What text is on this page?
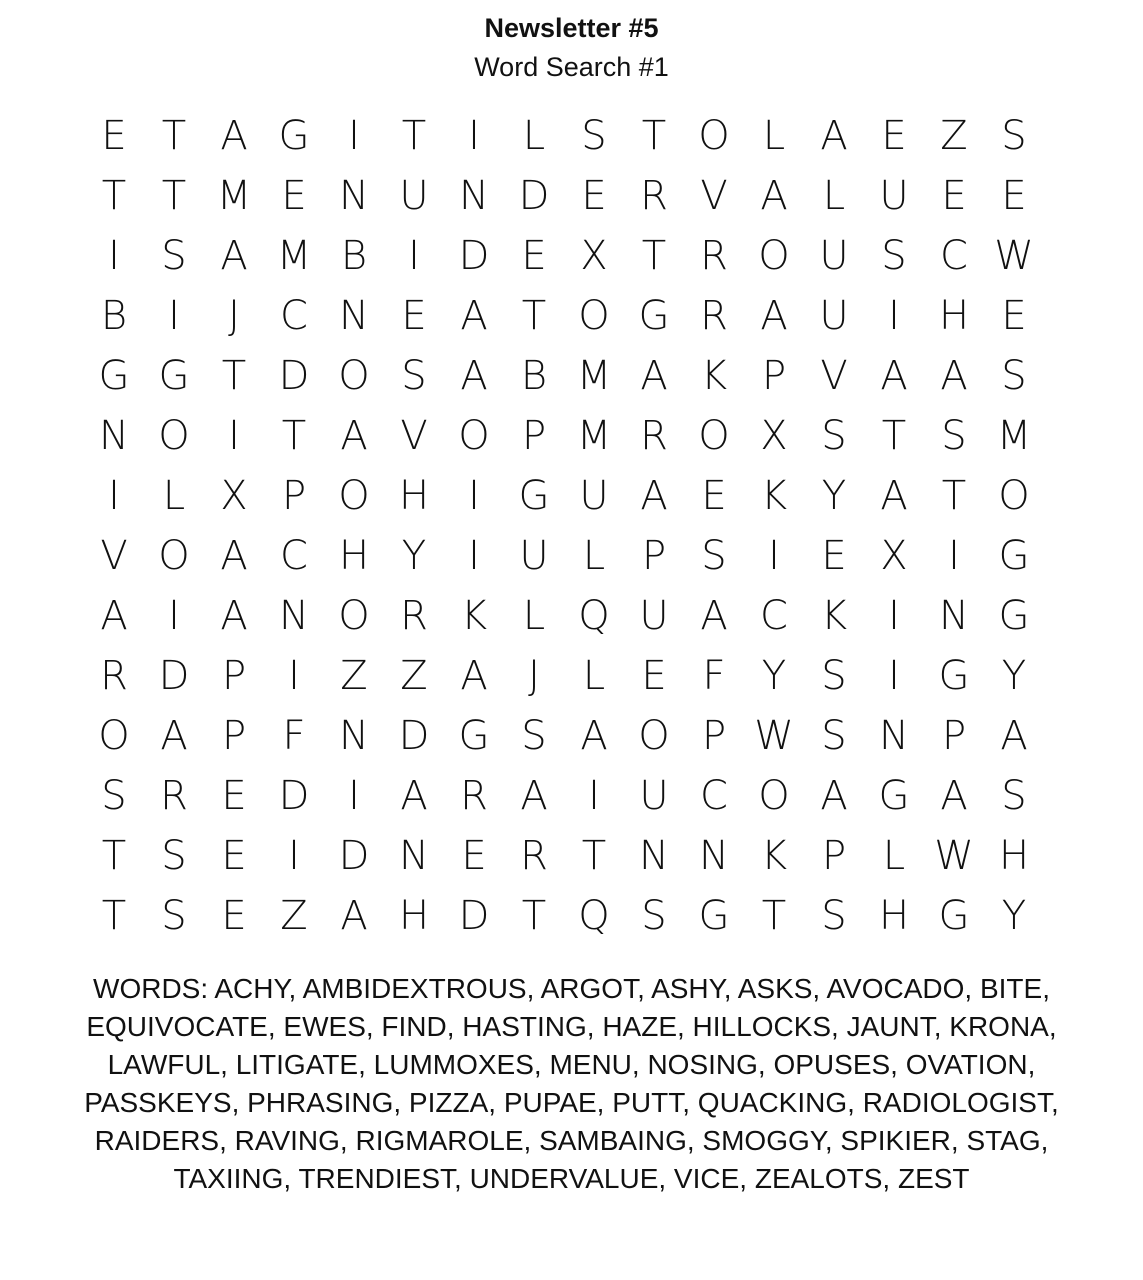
Newsletter #5
Word Search #1
E T A G I	T	I	L S T O L A E Z S
T T M E N U N D E R V A L U E E
I	S A M B	I D E X T R O U S C W
B	I	J	C N E A T O G R A U I H E
G G T D O S A B M A K P V A A S
N O I	T A V O P M R O X S T S M
I	L X P O H I G U A E K Y A T O
V O A C H Y	I U L P S	I	E X	I G
A	I	A N O R K L Q U A C K	I N G
R D P	I	Z Z A	J	L E F Y S	I G Y
O A P F N D G S A O P W S N P A
S R E D I	A R A	I U C O A G A S
T S E	I D N E R T N N K P L W H
T S E Z A H D T Q S G T S H G Y
WORDS: ACHY, AMBIDEXTROUS, ARGOT, ASHY, ASKS, AVOCADO, BITE, EQUIVOCATE, EWES, FIND, HASTING, HAZE, HILLOCKS, JAUNT, KRONA, LAWFUL, LITIGATE, LUMMOXES, MENU, NOSING, OPUSES, OVATION, PASSKEYS, PHRASING, PIZZA, PUPAE, PUTT, QUACKING, RADIOLOGIST, RAIDERS, RAVING, RIGMAROLE, SAMBAING, SMOGGY, SPIKIER, STAG, TAXIING, TRENDIEST, UNDERVALUE, VICE, ZEALOTS, ZEST
